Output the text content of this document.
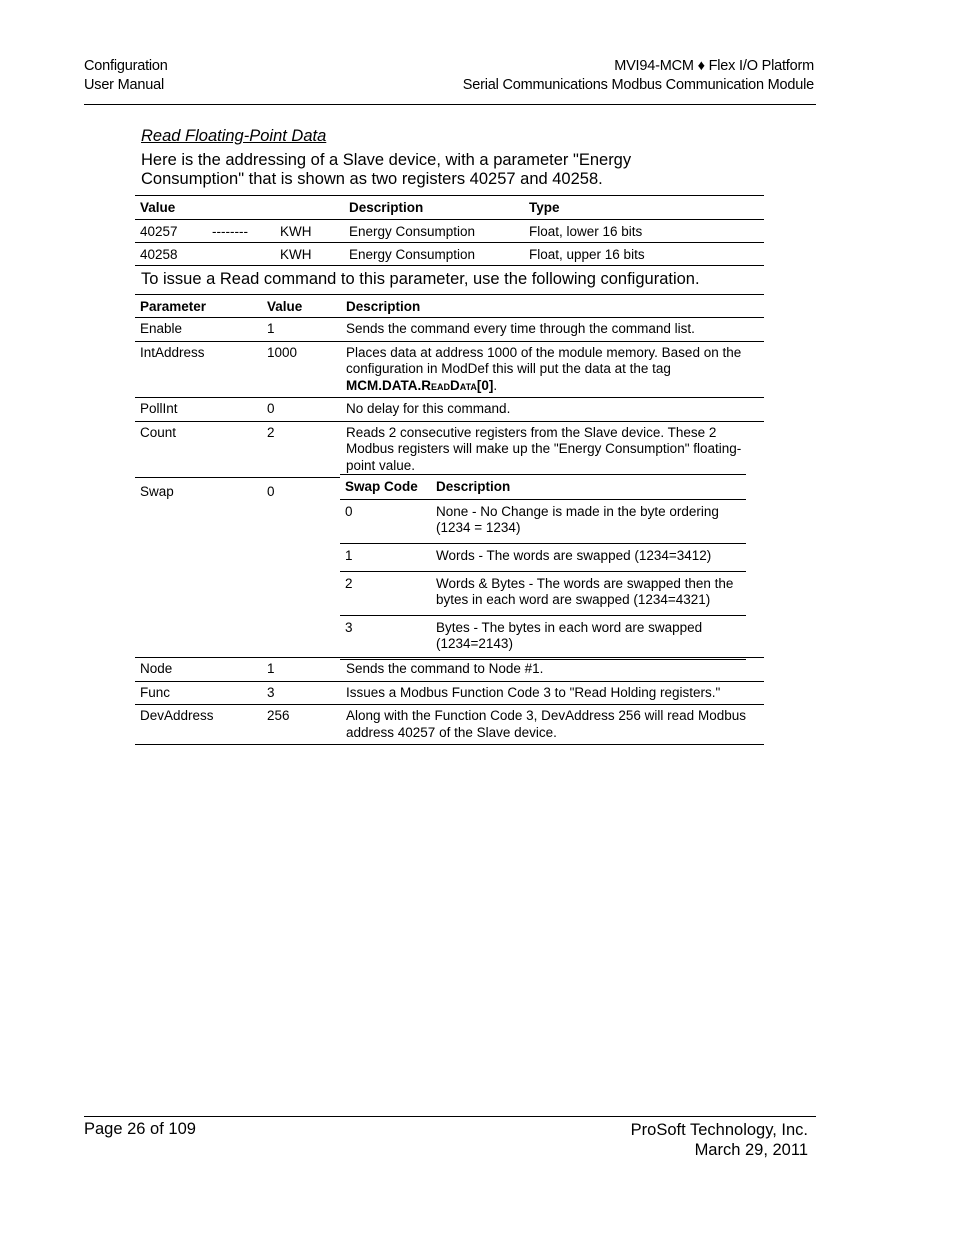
Configuration
User Manual
MVI94-MCM ♦ Flex I/O Platform
Serial Communications Modbus Communication Module
Read Floating-Point Data
Here is the addressing of a Slave device, with a parameter "Energy Consumption" that is shown as two registers 40257 and 40258.
Value			Description	Type
40257	--------	KWH	Energy Consumption	Float, lower 16 bits
40258		KWH	Energy Consumption	Float, upper 16 bits
To issue a Read command to this parameter, use the following configuration.
Parameter	Value	Description
Enable	1	Sends the command every time through the command list.
IntAddress	1000	Places data at address 1000 of the module memory. Based on the configuration in ModDef this will put the data at the tag MCM.DATA.ReadData[0].
PollInt	0	No delay for this command.
Count	2	Reads 2 consecutive registers from the Slave device. These 2 Modbus registers will make up the "Energy Consumption" floating-point value.
Swap	0		Swap Code	Description
0	None - No Change is made in the byte ordering (1234 = 1234)
1	Words - The words are swapped (1234=3412)
2	Words & Bytes - The words are swapped then the bytes in each word are swapped (1234=4321)
3	Bytes - The bytes in each word are swapped (1234=2143)

Node	1	Sends the command to Node #1.
Func	3	Issues a Modbus Function Code 3 to "Read Holding registers."
DevAddress	256	Along with the Function Code 3, DevAddress 256 will read Modbus address 40257 of the Slave device.
Page 26 of 109	ProSoft Technology, Inc.
March 29, 2011
